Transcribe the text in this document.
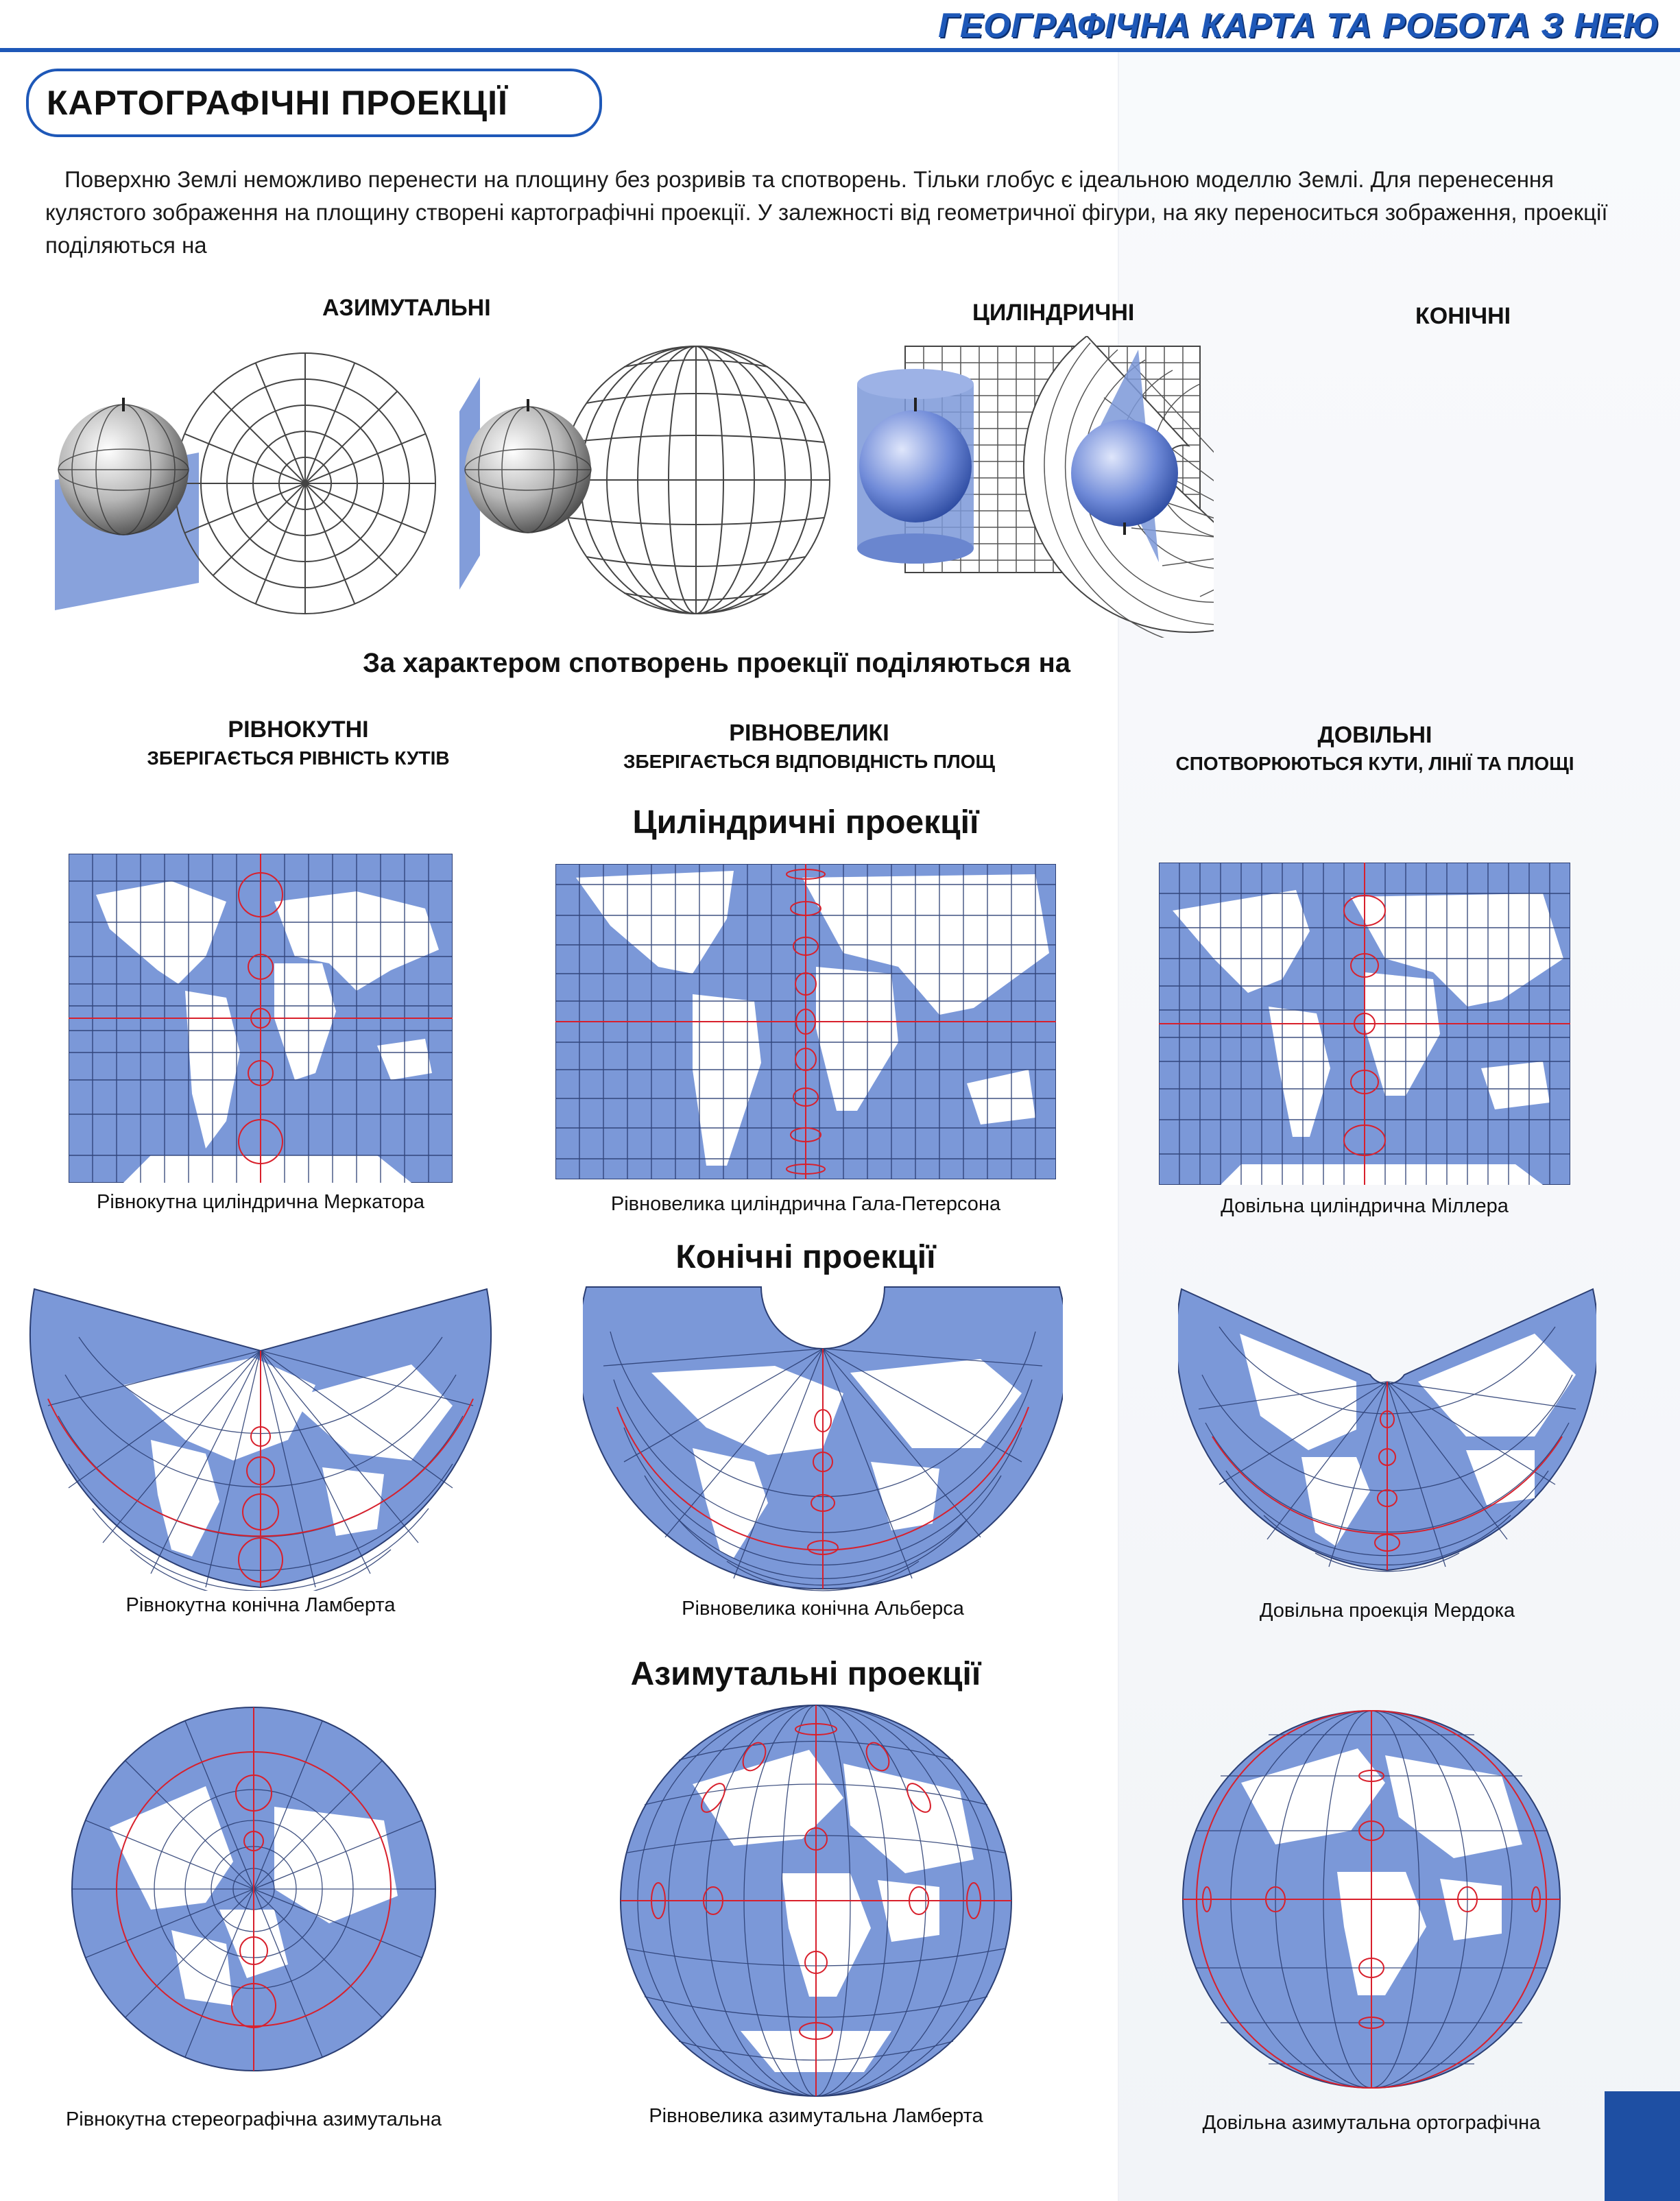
ГЕОГРАФІЧНА КАРТА ТА РОБОТА З НЕЮ
КАРТОГРАФІЧНІ ПРОЕКЦІЇ

Поверхню Землі неможливо перенести на площину без розривів та спотворень. Тільки глобус є ідеальною моделлю Землі. Для перенесення кулястого зображення на площину створені картографічні проекції. У залежності від геометричної фігури, на яку переноситься зображення, проекції поділяються на

АЗИМУТАЛЬНІ	ЦИЛІНДРИЧНІ	КОНІЧНІ
За характером спотворень проекції поділяються на
РІВНОКУТНІ
ЗБЕРІГАЄТЬСЯ РІВНІСТЬ КУТІВ
РІВНОВЕЛИКІ
ЗБЕРІГАЄТЬСЯ ВІДПОВІДНІСТЬ ПЛОЩ
ДОВІЛЬНІ
СПОТВОРЮЮТЬСЯ КУТИ, ЛІНІЇ ТА ПЛОЩІ
Циліндричні проекції
Рівнокутна циліндрична Меркатора	Рівновелика циліндрична Гала-Петерсона	Довільна циліндрична Міллера
Конічні проекції
Рівнокутна конічна Ламберта	Рівновелика конічна Альберса	Довільна проекція Мердока
Азимутальні проекції
Рівнокутна стереографічна азимутальна	Рівновелика азимутальна Ламберта	Довільна азимутальна ортографічна
